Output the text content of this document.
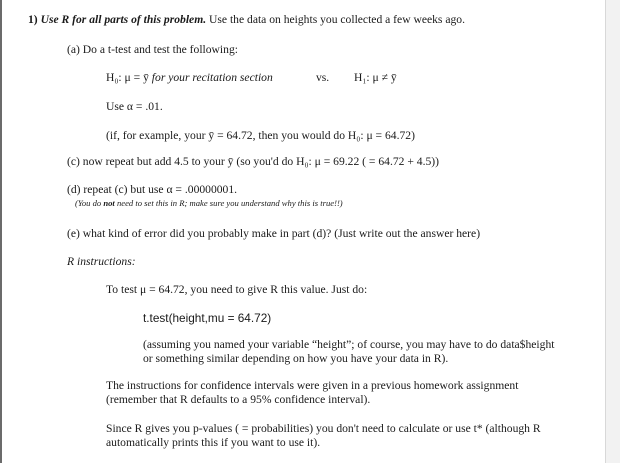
1) Use R for all parts of this problem. Use the data on heights you collected a few weeks ago.
(a) Do a t-test and test the following:
H₀: μ = ȳ for your recitation section	vs. H₁: μ ≠ ȳ
Use α = .01.
(if, for example, your ȳ = 64.72, then you would do H₀: μ = 64.72)
(c) now repeat but add 4.5 to your ȳ (so you'd do H₀: μ = 69.22 ( = 64.72 + 4.5))
(d) repeat (c) but use α = .00000001.
(You do not need to set this in R; make sure you understand why this is true!!)
(e) what kind of error did you probably make in part (d)? (Just write out the answer here)
R instructions:
To test μ = 64.72, you need to give R this value. Just do:
t.test(height,mu = 64.72)
(assuming you named your variable “height”; of course, you may have to do data$height
or something similar depending on how you have your data in R).
The instructions for confidence intervals were given in a previous homework assignment
(remember that R defaults to a 95% confidence interval).
Since R gives you p-values ( = probabilities) you don't need to calculate or use t* (although R
automatically prints this if you want to use it).
